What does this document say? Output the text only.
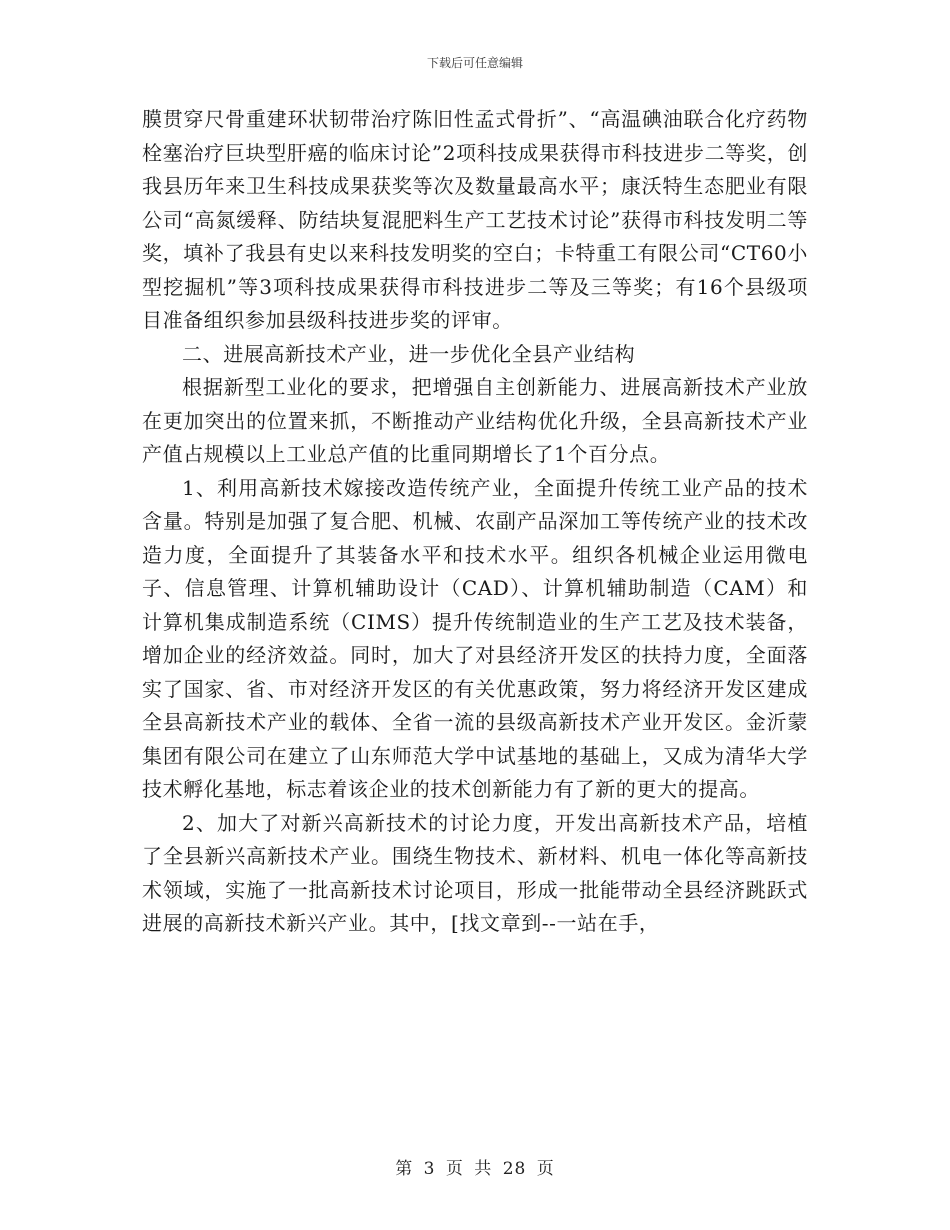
下载后可任意编辑

膜贯穿尺骨重建环状韧带治疗陈旧性孟式骨折”、“高温碘油联合化疗药物栓塞治疗巨块型肝癌的临床讨论”2项科技成果获得市科技进步二等奖，创我县历年来卫生科技成果获奖等次及数量最高水平；康沃特生态肥业有限公司“高氮缓释、防结块复混肥料生产工艺技术讨论”获得市科技发明二等奖，填补了我县有史以来科技发明奖的空白；卡特重工有限公司“CT60小型挖掘机”等3项科技成果获得市科技进步二等及三等奖；有16个县级项目准备组织参加县级科技进步奖的评审。

二、进展高新技术产业，进一步优化全县产业结构

根据新型工业化的要求，把增强自主创新能力、进展高新技术产业放在更加突出的位置来抓，不断推动产业结构优化升级，全县高新技术产业产值占规模以上工业总产值的比重同期增长了1个百分点。

1、利用高新技术嫁接改造传统产业，全面提升传统工业产品的技术含量。特别是加强了复合肥、机械、农副产品深加工等传统产业的技术改造力度，全面提升了其装备水平和技术水平。组织各机械企业运用微电子、信息管理、计算机辅助设计（CAD）、计算机辅助制造（CAM）和计算机集成制造系统（CIMS）提升传统制造业的生产工艺及技术装备，增加企业的经济效益。同时，加大了对县经济开发区的扶持力度，全面落实了国家、省、市对经济开发区的有关优惠政策，努力将经济开发区建成全县高新技术产业的载体、全省一流的县级高新技术产业开发区。金沂蒙集团有限公司在建立了山东师范大学中试基地的基础上，又成为清华大学技术孵化基地，标志着该企业的技术创新能力有了新的更大的提高。

2、加大了对新兴高新技术的讨论力度，开发出高新技术产品，培植了全县新兴高新技术产业。围绕生物技术、新材料、机电一体化等高新技术领域，实施了一批高新技术讨论项目，形成一批能带动全县经济跳跃式进展的高新技术新兴产业。其中，[找文章到--一站在手，

第 3 页 共 28 页
